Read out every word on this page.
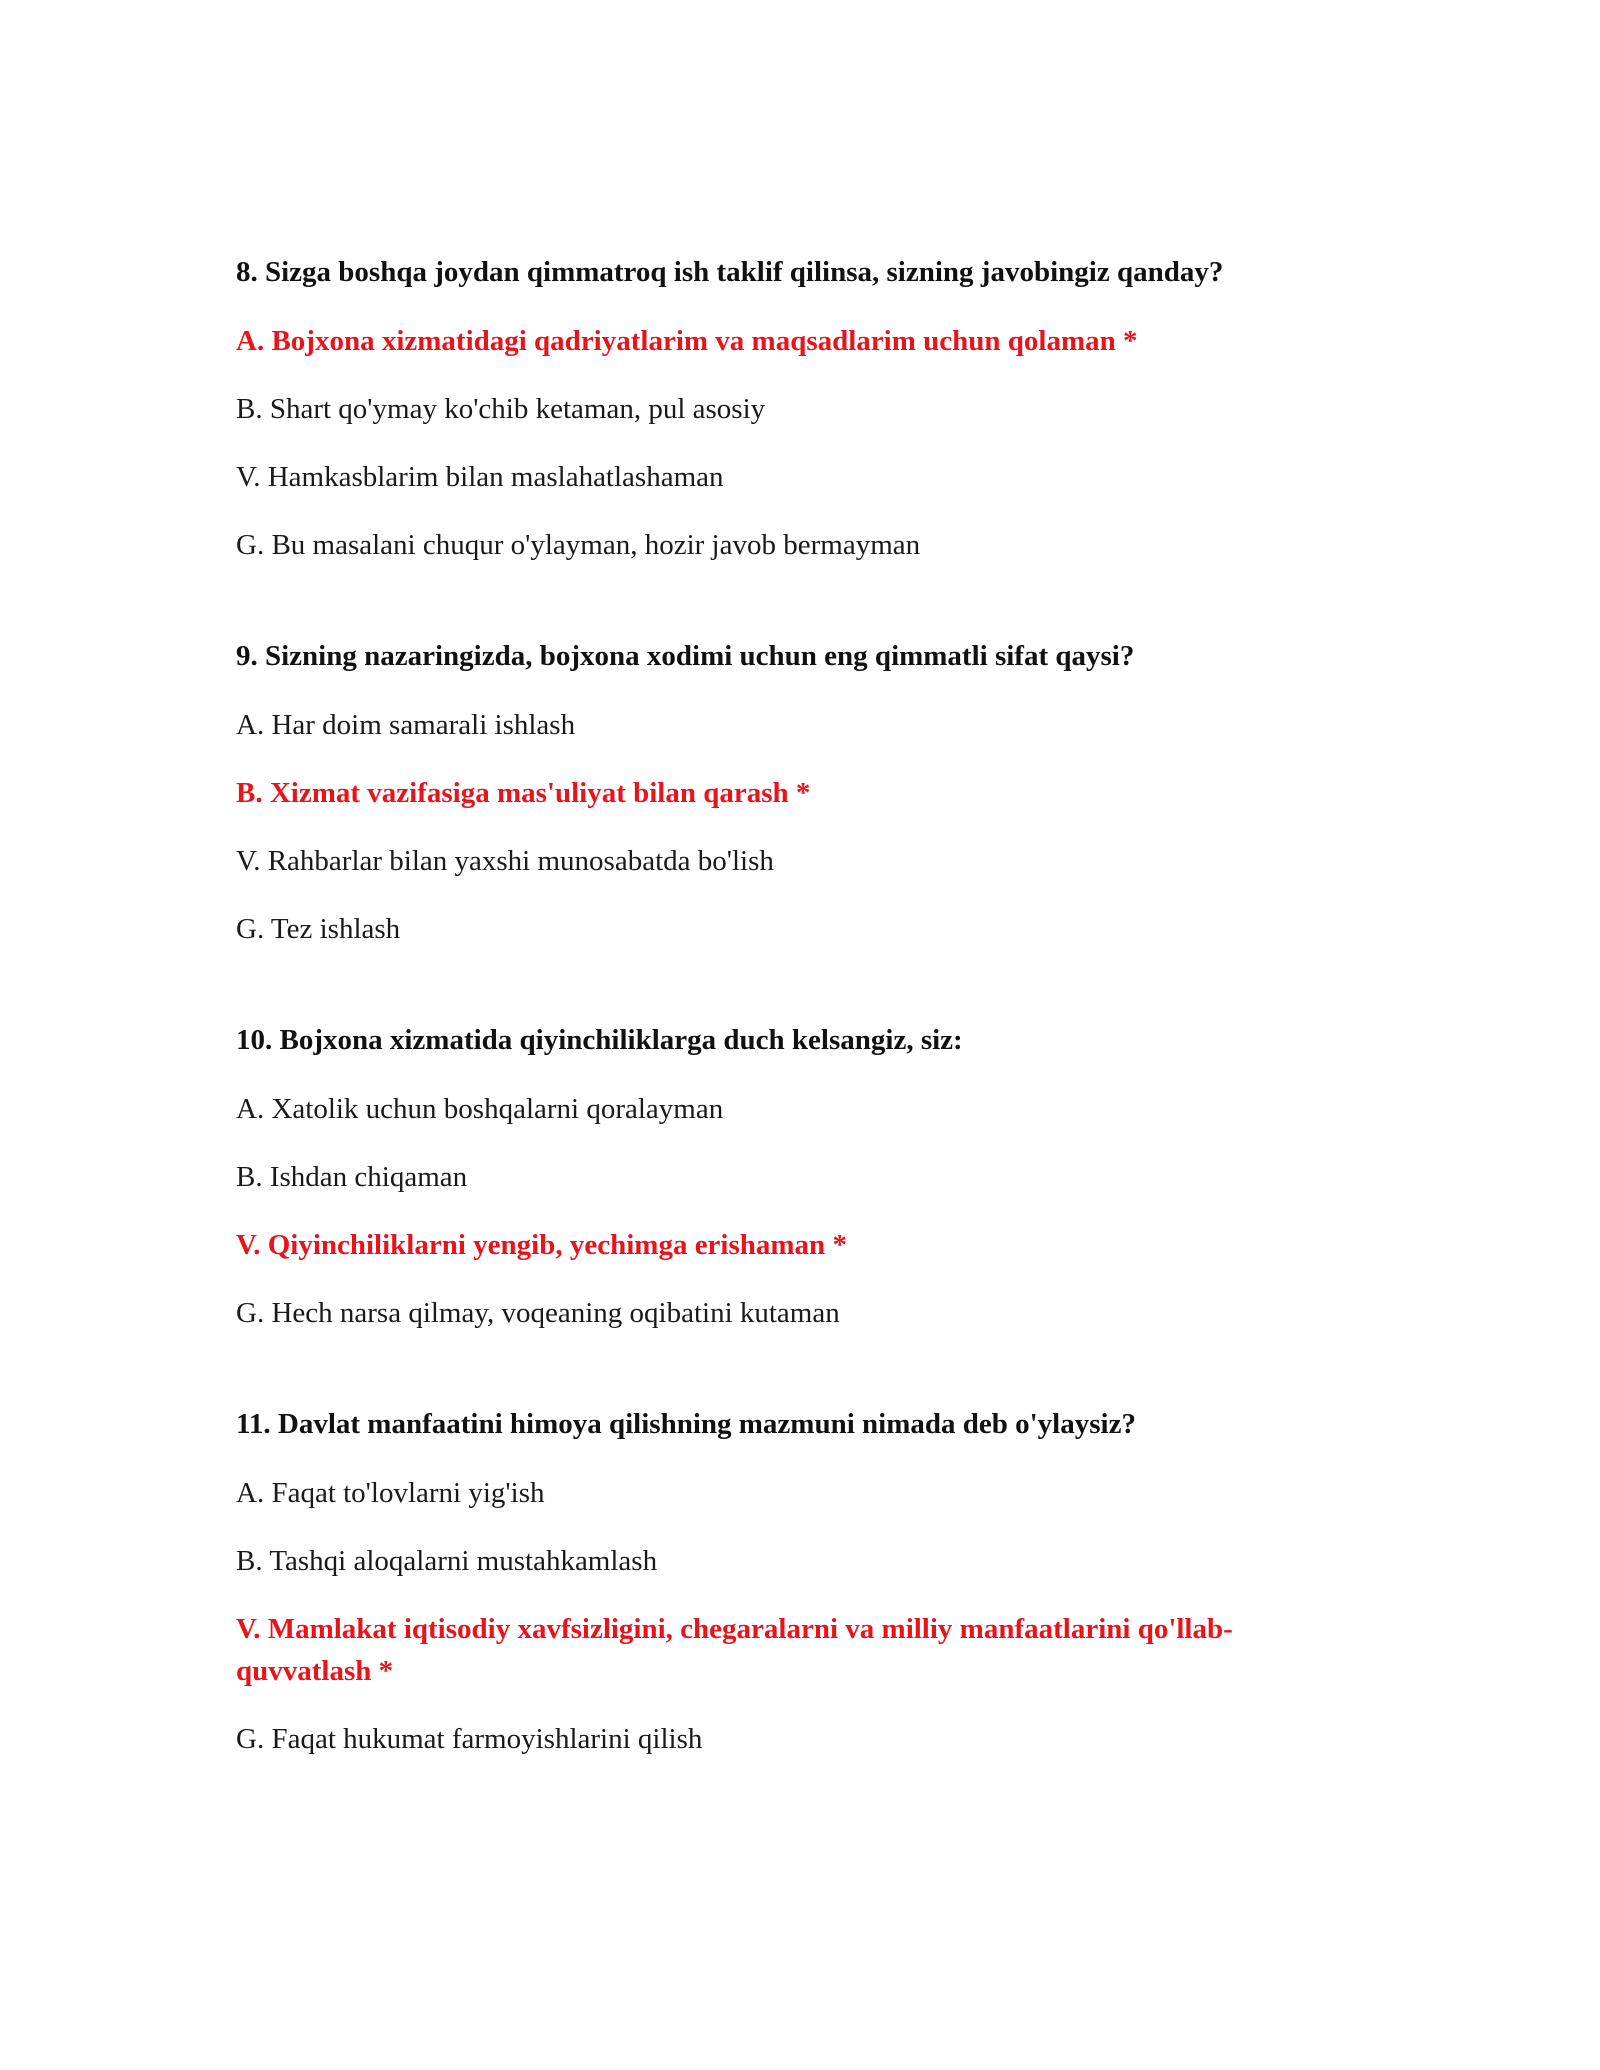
8. Sizga boshqa joydan qimmatroq ish taklif qilinsa, sizning javobingiz qanday?

A. Bojxona xizmatidagi qadriyatlarim va maqsadlarim uchun qolaman *

B. Shart qo'ymay ko'chib ketaman, pul asosiy

V. Hamkasblarim bilan maslahatlashaman

G. Bu masalani chuqur o'ylayman, hozir javob bermayman

9. Sizning nazaringizda, bojxona xodimi uchun eng qimmatli sifat qaysi?

A. Har doim samarali ishlash

B. Xizmat vazifasiga mas'uliyat bilan qarash *

V. Rahbarlar bilan yaxshi munosabatda bo'lish

G. Tez ishlash

10. Bojxona xizmatida qiyinchiliklarga duch kelsangiz, siz:

A. Xatolik uchun boshqalarni qoralayman

B. Ishdan chiqaman

V. Qiyinchiliklarni yengib, yechimga erishaman *

G. Hech narsa qilmay, voqeaning oqibatini kutaman

11. Davlat manfaatini himoya qilishning mazmuni nimada deb o'ylaysiz?

A. Faqat to'lovlarni yig'ish

B. Tashqi aloqalarni mustahkamlash

V. Mamlakat iqtisodiy xavfsizligini, chegaralarni va milliy manfaatlarini qo'llab-quvvatlash *

G. Faqat hukumat farmoyishlarini qilish
